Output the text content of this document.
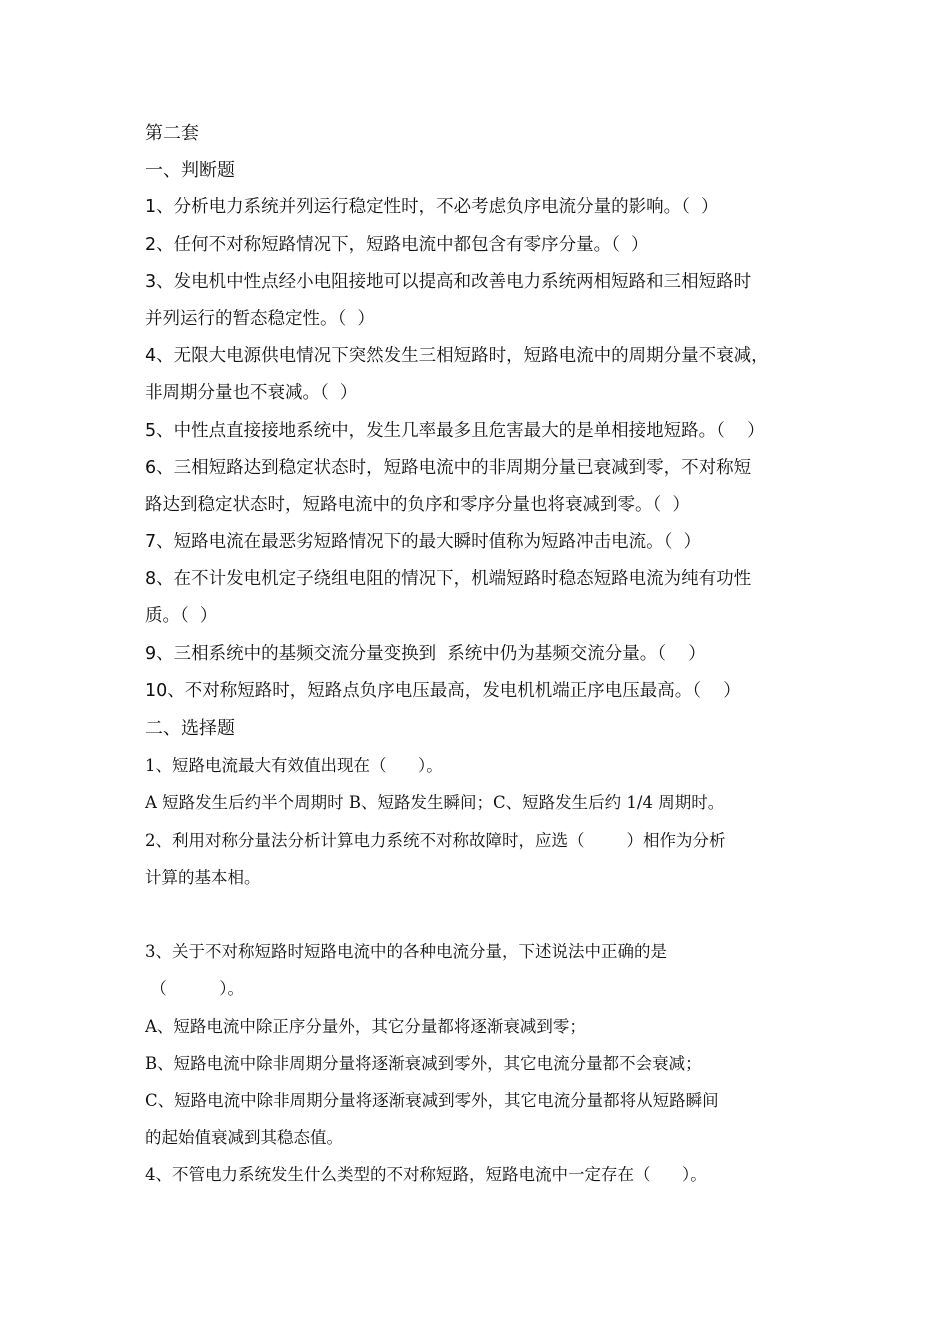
第二套
一、判断题
1、分析电力系统并列运行稳定性时，不必考虑负序电流分量的影响。（  ）
2、任何不对称短路情况下，短路电流中都包含有零序分量。（  ）
3、发电机中性点经小电阻接地可以提高和改善电力系统两相短路和三相短路时
并列运行的暂态稳定性。（  ）
4、无限大电源供电情况下突然发生三相短路时，短路电流中的周期分量不衰减，
非周期分量也不衰减。（  ）
5、中性点直接接地系统中，发生几率最多且危害最大的是单相接地短路。（    ）
6、三相短路达到稳定状态时，短路电流中的非周期分量已衰减到零，不对称短
路达到稳定状态时，短路电流中的负序和零序分量也将衰减到零。（  ）
7、短路电流在最恶劣短路情况下的最大瞬时值称为短路冲击电流。（  ）
8、在不计发电机定子绕组电阻的情况下，机端短路时稳态短路电流为纯有功性
质。（  ）
9、三相系统中的基频交流分量变换到  系统中仍为基频交流分量。（    ）
10、不对称短路时，短路点负序电压最高，发电机机端正序电压最高。（    ）
二、选择题
1、短路电流最大有效值出现在（      ）。
A 短路发生后约半个周期时 B、短路发生瞬间；C、短路发生后约 1/4 周期时。
2、利用对称分量法分析计算电力系统不对称故障时，应选（        ）相作为分析
计算的基本相。

3、关于不对称短路时短路电流中的各种电流分量，下述说法中正确的是
（          ）。
A、短路电流中除正序分量外，其它分量都将逐渐衰减到零；
B、短路电流中除非周期分量将逐渐衰减到零外，其它电流分量都不会衰减；
C、短路电流中除非周期分量将逐渐衰减到零外，其它电流分量都将从短路瞬间
的起始值衰减到其稳态值。
4、不管电力系统发生什么类型的不对称短路，短路电流中一定存在（      ）。
